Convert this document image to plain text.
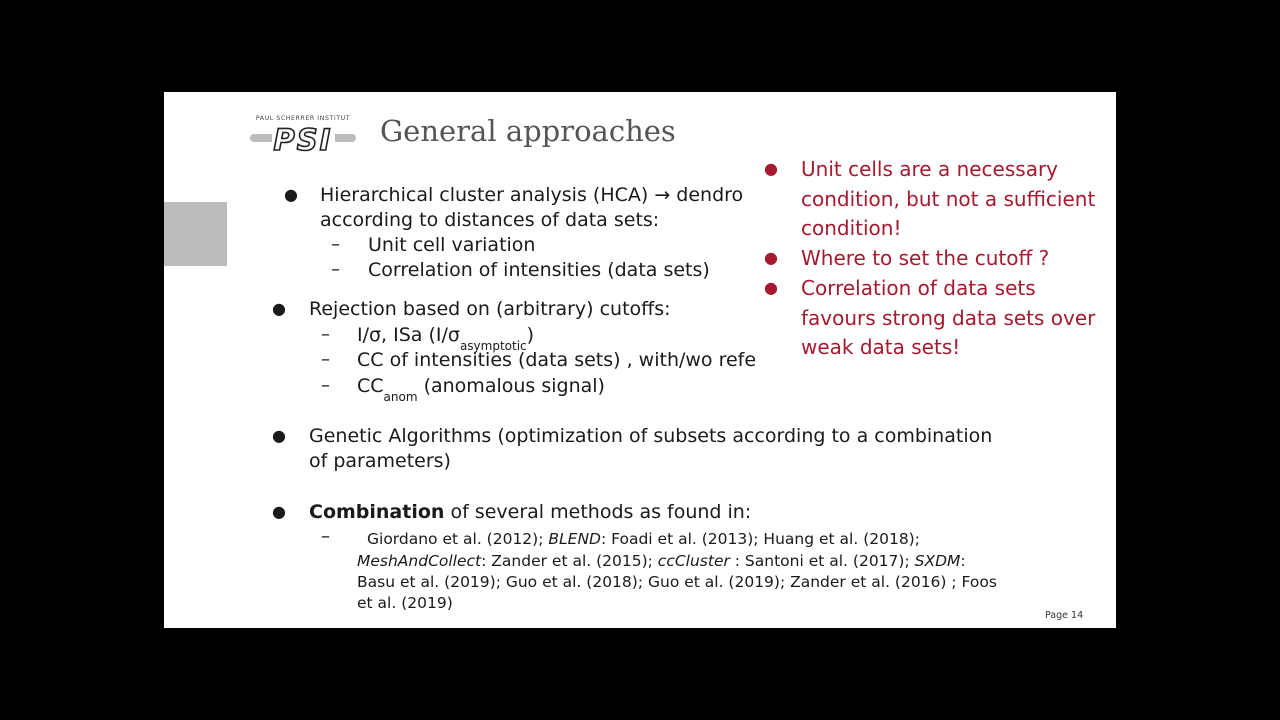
PAUL SCHERRER INSTITUT
PSI General approaches
● Hierarchical cluster analysis (HCA) → dendro
according to distances of data sets:
– Unit cell variation
– Correlation of intensities (data sets)
● Rejection based on (arbitrary) cutoffs:
– I/σ, ISa $(I/\sigma_{asymptotic})$
– CC of intensities (data sets) , with/wo refe
– $CC_{anom}$ (anomalous signal)
● Genetic Algorithms (optimization of subsets according to a combination
of parameters)
● Combination of several methods as found in:
– Giordano et al. (2012); BLEND: Foadi et al. (2013); Huang et al. (2018);
MeshAndCollect: Zander et al. (2015); ccCluster : Santoni et al. (2017); SXDM:
Basu et al. (2019); Guo et al. (2018); Guo et al. (2019); Zander et al. (2016) ; Foos
et al. (2019)
● Unit cells are a necessary
condition, but not a sufficient
condition!
● Where to set the cutoff ?
● Correlation of data sets
favours strong data sets over
weak data sets!
Page 14
